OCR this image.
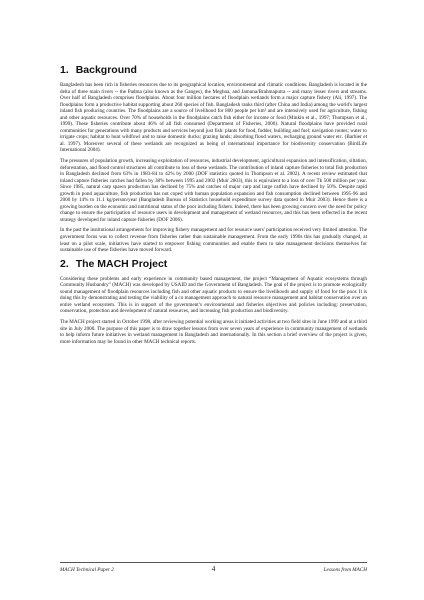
1. Background

Bangladesh has been rich in fisheries resources due to its geographical location, environmental and climatic conditions. Bangladesh is located in the delta of three main rivers -- the Padma (also known as the Ganges), the Meghna, and Jamuna/Brahmaputra -- and many lesser rivers and streams. Over half of Bangladesh comprises floodplains. About four million hectares of floodplain wetlands form a major capture fishery (Ali, 1997). The floodplains form a productive habitat supporting about 260 species of fish. Bangladesh ranks third (after China and India) among the world's largest inland fish producing countries. The floodplains are a source of livelihood for 800 people per km² and are intensively used for agriculture, fishing and other aquatic resources. Over 70% of households in the floodplains catch fish either for income or food (Minkin et al., 1997; Thompson et al., 1999). These fisheries contribute about 46% of all fish consumed (Department of Fisheries, 2000). Natural floodplains have provided rural communities for generations with many products and services beyond just fish: plants for food, fodder, building and fuel; navigation routes; water to irrigate crops; habitat to hunt wildfowl and to raise domestic ducks; grazing lands; absorbing flood waters, recharging ground water etc. (Barbier et al. 1997). Moreover several of these wetlands are recognized as being of international importance for biodiversity conservation (BirdLife International 2004).

The pressures of population growth, increasing exploitation of resources, industrial development, agricultural expansion and intensification, siltation, deforestation, and flood control structures all contribute to loss of these wetlands. The contribution of inland capture fisheries to total fish production in Bangladesh declined from 63% in 1983-84 to 42% by 2000 (DOF statistics quoted in Thompson et al. 2002). A recent review estimated that inland capture fisheries catches had fallen by 38% between 1995 and 2002 (Muir 2003), this is equivalent to a loss of over Tk 500 million per year. Since 1985, natural carp spawn production has declined by 75% and catches of major carp and large catfish have declined by 50%. Despite rapid growth in pond aquaculture, fish production has not coped with human population expansion and fish consumption declined between 1995-96 and 2000 by 14% to 11.1 kg/person/year (Bangladesh Bureau of Statistics household expenditure survey data quoted in Muir 2003). Hence there is a growing burden on the economic and nutritional status of the poor including fishers. Indeed, there has been growing concern over the need for policy change to ensure the participation of resource users in development and management of wetland resources, and this has been reflected in the recent strategy developed for inland capture fisheries (DOF 2006).

In the past the institutional arrangements for improving fishery management and for resource users' participation received very limited attention. The government focus was to collect revenue from fisheries rather than sustainable management. From the early 1990s this has gradually changed, at least on a pilot scale, initiatives have started to empower fishing communities and enable them to take management decisions themselves for sustainable use of these fisheries have moved forward.

2. The MACH Project

Considering these problems and early experience in community based management, the project “Management of Aquatic ecosystems through Community Husbandry” (MACH) was developed by USAID and the Government of Bangladesh. The goal of the project is to promote ecologically sound management of floodplain resources including fish and other aquatic products to ensure the livelihoods and supply of food for the poor. It is doing this by demonstrating and testing the viability of a co management approach to natural resource management and habitat conservation over an entire wetland ecosystem. This is in support of the government’s environmental and fisheries objectives and policies including: preservation, conservation, protection and development of natural resources, and increasing fish production and biodiversity.

The MACH project started in October 1998, after reviewing potential working areas it initiated activities at two field sites in June 1999 and at a third site in July 2000. The purpose of this paper is to draw together lessons from over seven years of experience in community management of wetlands to help inform future initiatives in wetland management in Bangladesh and internationally. In this section a brief overview of the project is given, more information may be found in other MACH technical reports.

MACH Technical Paper 2	4	Lessons from MACH
